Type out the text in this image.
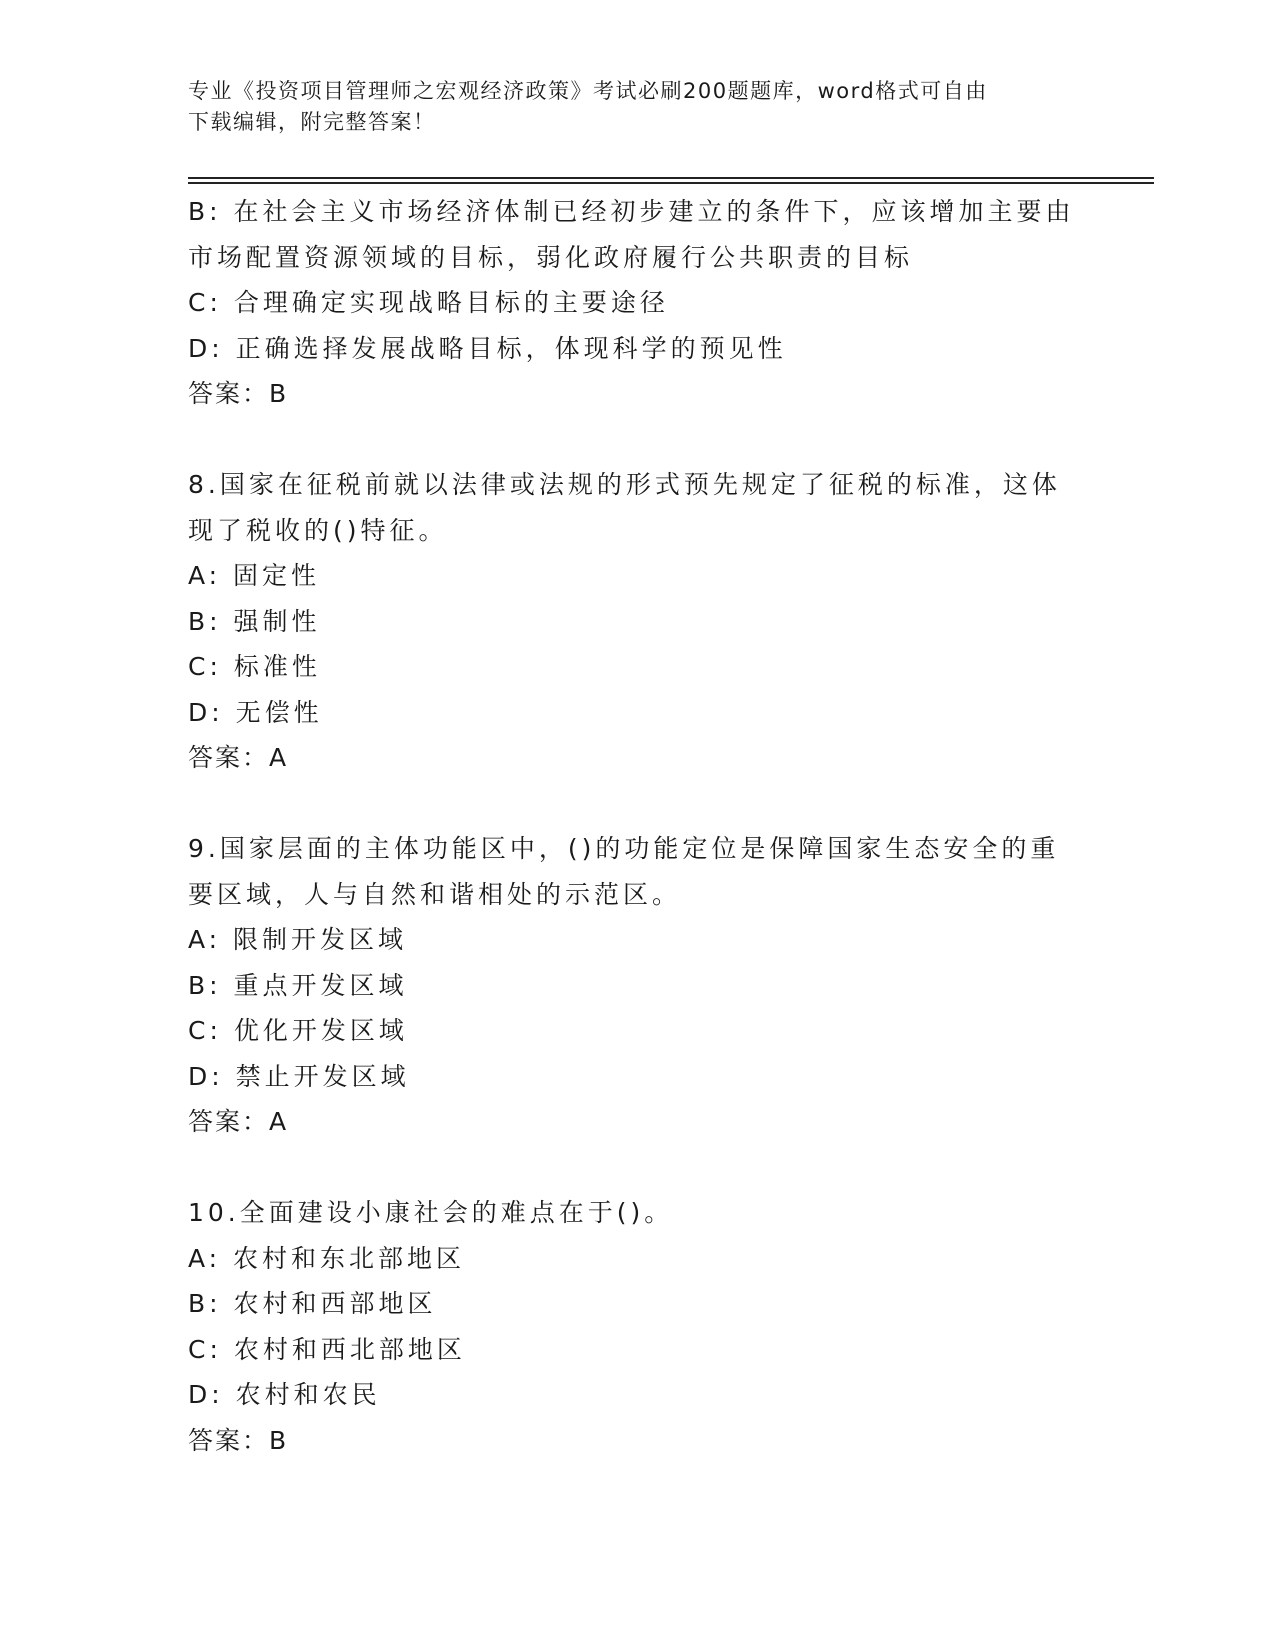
专业《投资项目管理师之宏观经济政策》考试必刷200题题库，word格式可自由
下载编辑，附完整答案！
B: 在社会主义市场经济体制已经初步建立的条件下，应该增加主要由
市场配置资源领域的目标，弱化政府履行公共职责的目标
C: 合理确定实现战略目标的主要途径
D: 正确选择发展战略目标，体现科学的预见性
答案：B
8.国家在征税前就以法律或法规的形式预先规定了征税的标准，这体
现了税收的()特征。
A: 固定性
B: 强制性
C: 标准性
D: 无偿性
答案：A
9.国家层面的主体功能区中，()的功能定位是保障国家生态安全的重
要区域，人与自然和谐相处的示范区。
A: 限制开发区域
B: 重点开发区域
C: 优化开发区域
D: 禁止开发区域
答案：A
10.全面建设小康社会的难点在于()。
A: 农村和东北部地区
B: 农村和西部地区
C: 农村和西北部地区
D: 农村和农民
答案：B
